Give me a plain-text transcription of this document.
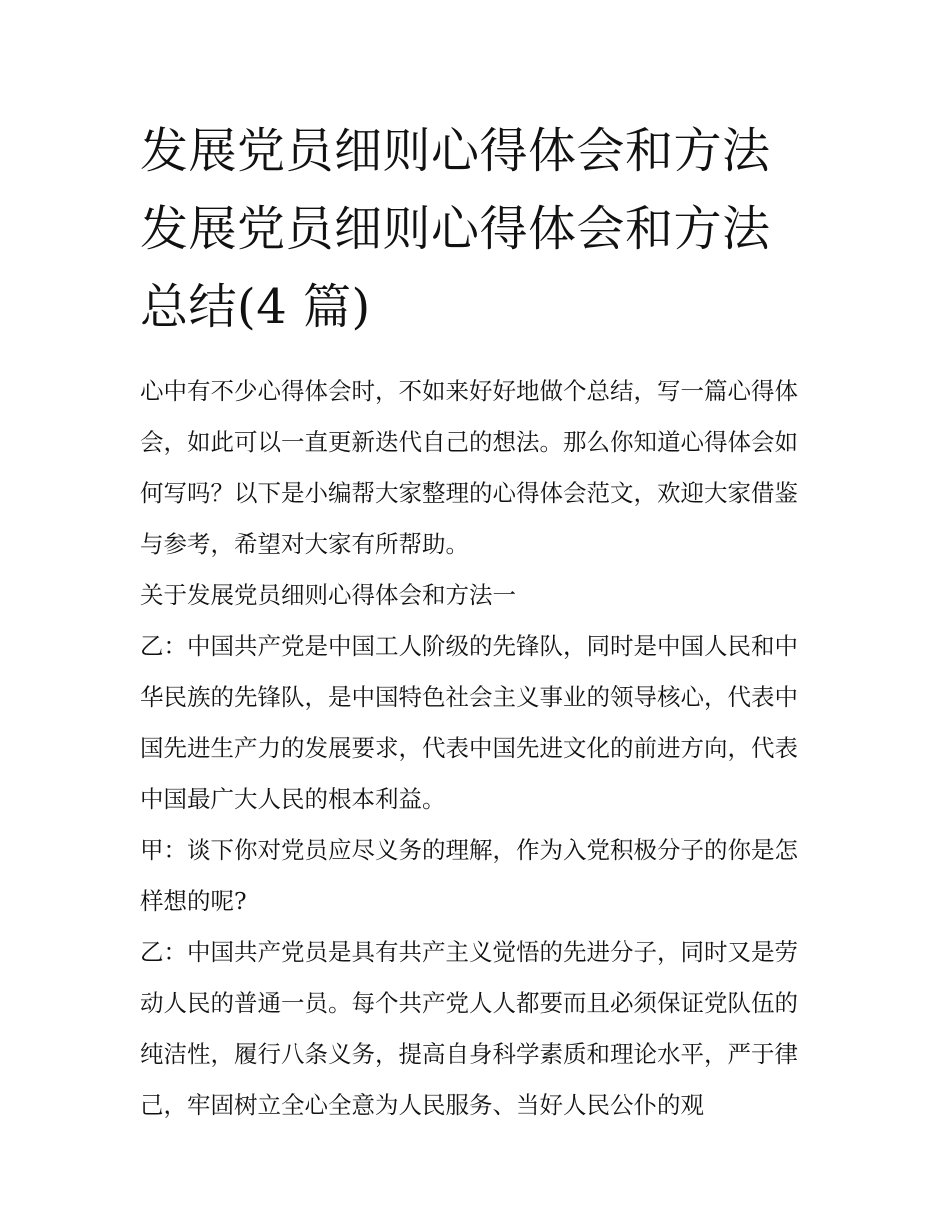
发展党员细则心得体会和方法
发展党员细则心得体会和方法
总结(4 篇)

心中有不少心得体会时，不如来好好地做个总结，写一篇心得体会，如此可以一直更新迭代自己的想法。那么你知道心得体会如何写吗？以下是小编帮大家整理的心得体会范文，欢迎大家借鉴与参考，希望对大家有所帮助。

关于发展党员细则心得体会和方法一

乙：中国共产党是中国工人阶级的先锋队，同时是中国人民和中华民族的先锋队，是中国特色社会主义事业的领导核心，代表中国先进生产力的发展要求，代表中国先进文化的前进方向，代表中国最广大人民的根本利益。

甲：谈下你对党员应尽义务的理解，作为入党积极分子的你是怎样想的呢?

乙：中国共产党员是具有共产主义觉悟的先进分子，同时又是劳动人民的普通一员。每个共产党人人都要而且必须保证党队伍的纯洁性，履行八条义务，提高自身科学素质和理论水平，严于律己，牢固树立全心全意为人民服务、当好人民公仆的观
